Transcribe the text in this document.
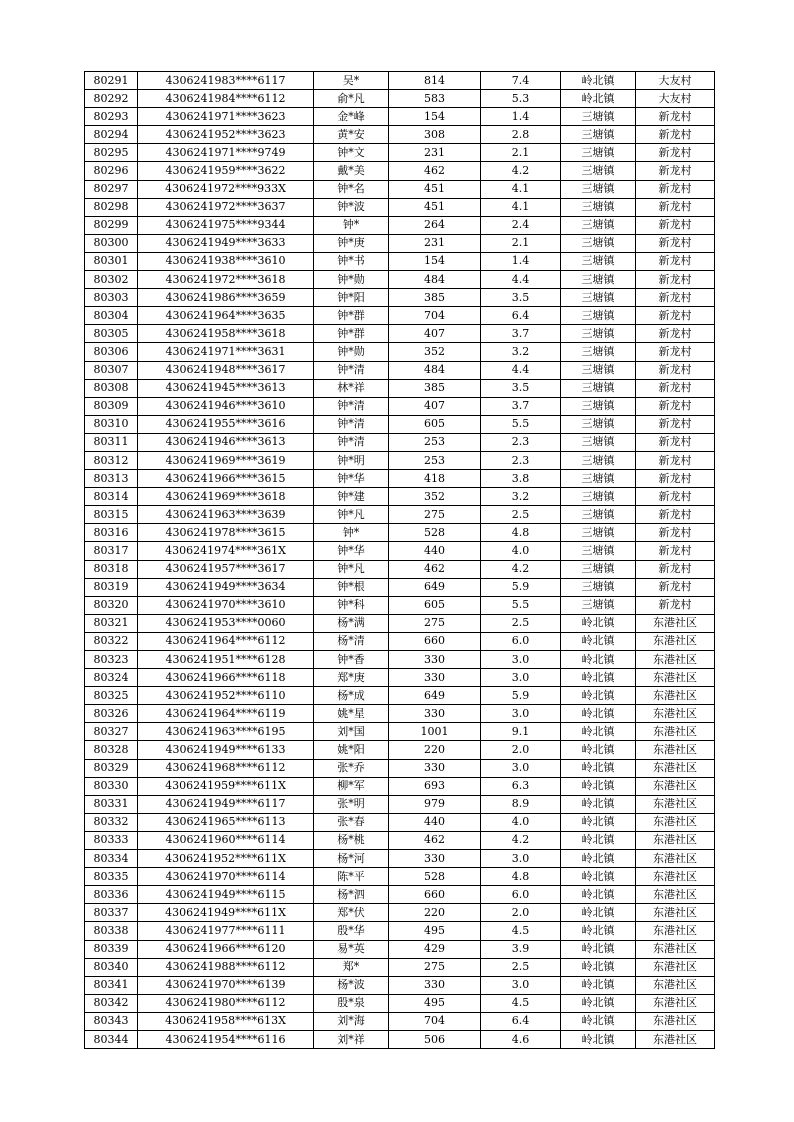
80291	4306241983****6117	吴*	814	7.4	岭北镇	大友村
80292	4306241984****6112	俞*凡	583	5.3	岭北镇	大友村
80293	4306241971****3623	金*峰	154	1.4	三塘镇	新龙村
80294	4306241952****3623	黄*安	308	2.8	三塘镇	新龙村
80295	4306241971****9749	钟*文	231	2.1	三塘镇	新龙村
80296	4306241959****3622	戴*美	462	4.2	三塘镇	新龙村
80297	4306241972****933X	钟*名	451	4.1	三塘镇	新龙村
80298	4306241972****3637	钟*波	451	4.1	三塘镇	新龙村
80299	4306241975****9344	钟*	264	2.4	三塘镇	新龙村
80300	4306241949****3633	钟*庚	231	2.1	三塘镇	新龙村
80301	4306241938****3610	钟*书	154	1.4	三塘镇	新龙村
80302	4306241972****3618	钟*勋	484	4.4	三塘镇	新龙村
80303	4306241986****3659	钟*阳	385	3.5	三塘镇	新龙村
80304	4306241964****3635	钟*群	704	6.4	三塘镇	新龙村
80305	4306241958****3618	钟*群	407	3.7	三塘镇	新龙村
80306	4306241971****3631	钟*勋	352	3.2	三塘镇	新龙村
80307	4306241948****3617	钟*清	484	4.4	三塘镇	新龙村
80308	4306241945****3613	林*祥	385	3.5	三塘镇	新龙村
80309	4306241946****3610	钟*清	407	3.7	三塘镇	新龙村
80310	4306241955****3616	钟*清	605	5.5	三塘镇	新龙村
80311	4306241946****3613	钟*清	253	2.3	三塘镇	新龙村
80312	4306241969****3619	钟*明	253	2.3	三塘镇	新龙村
80313	4306241966****3615	钟*华	418	3.8	三塘镇	新龙村
80314	4306241969****3618	钟*建	352	3.2	三塘镇	新龙村
80315	4306241963****3639	钟*凡	275	2.5	三塘镇	新龙村
80316	4306241978****3615	钟*	528	4.8	三塘镇	新龙村
80317	4306241974****361X	钟*华	440	4.0	三塘镇	新龙村
80318	4306241957****3617	钟*凡	462	4.2	三塘镇	新龙村
80319	4306241949****3634	钟*根	649	5.9	三塘镇	新龙村
80320	4306241970****3610	钟*科	605	5.5	三塘镇	新龙村
80321	4306241953****0060	杨*满	275	2.5	岭北镇	东港社区
80322	4306241964****6112	杨*清	660	6.0	岭北镇	东港社区
80323	4306241951****6128	钟*香	330	3.0	岭北镇	东港社区
80324	4306241966****6118	郑*庚	330	3.0	岭北镇	东港社区
80325	4306241952****6110	杨*成	649	5.9	岭北镇	东港社区
80326	4306241964****6119	姚*星	330	3.0	岭北镇	东港社区
80327	4306241963****6195	刘*国	1001	9.1	岭北镇	东港社区
80328	4306241949****6133	姚*阳	220	2.0	岭北镇	东港社区
80329	4306241968****6112	张*乔	330	3.0	岭北镇	东港社区
80330	4306241959****611X	柳*军	693	6.3	岭北镇	东港社区
80331	4306241949****6117	张*明	979	8.9	岭北镇	东港社区
80332	4306241965****6113	张*春	440	4.0	岭北镇	东港社区
80333	4306241960****6114	杨*桃	462	4.2	岭北镇	东港社区
80334	4306241952****611X	杨*河	330	3.0	岭北镇	东港社区
80335	4306241970****6114	陈*平	528	4.8	岭北镇	东港社区
80336	4306241949****6115	杨*泗	660	6.0	岭北镇	东港社区
80337	4306241949****611X	郑*伏	220	2.0	岭北镇	东港社区
80338	4306241977****6111	殷*华	495	4.5	岭北镇	东港社区
80339	4306241966****6120	易*英	429	3.9	岭北镇	东港社区
80340	4306241988****6112	郑*	275	2.5	岭北镇	东港社区
80341	4306241970****6139	杨*波	330	3.0	岭北镇	东港社区
80342	4306241980****6112	殷*泉	495	4.5	岭北镇	东港社区
80343	4306241958****613X	刘*海	704	6.4	岭北镇	东港社区
80344	4306241954****6116	刘*祥	506	4.6	岭北镇	东港社区
